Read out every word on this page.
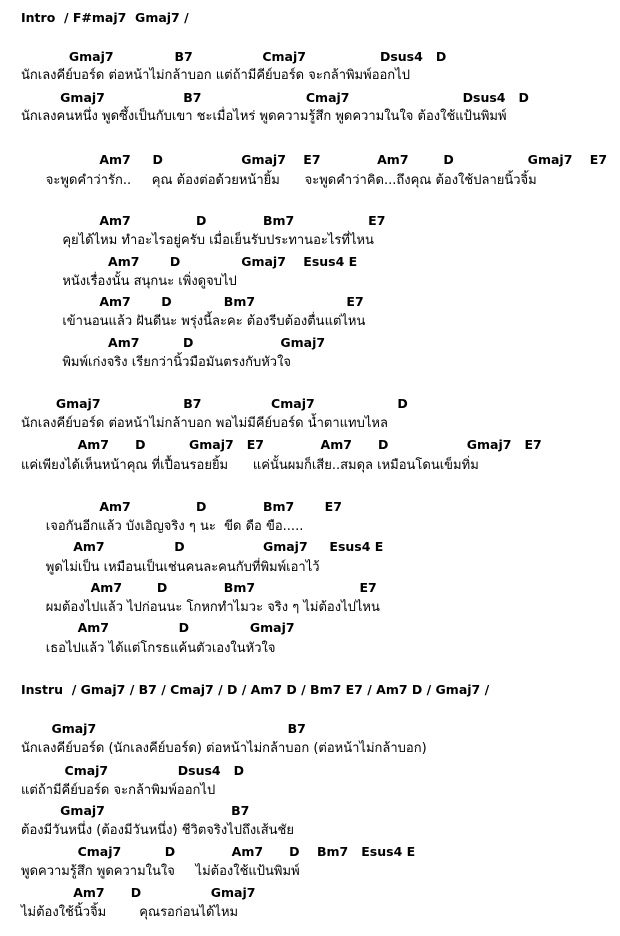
Intro  / F#maj7  Gmaj7 /
Gmaj7              B7                Cmaj7                 Dsus4   D
นักเลงคีย์บอร์ด ต่อหน้าไม่กล้าบอก แต่ถ้ามีคีย์บอร์ด จะกล้าพิมพ์ออกไป
Gmaj7                  B7                        Cmaj7                          Dsus4   D
นักเลงคนหนึ่ง พูดซึ้งเป็นกับเขา ชะเมื่อไหร่ พูดความรู้สึก พูดความในใจ ต้องใช้แป้นพิมพ์
Am7     D                  Gmaj7    E7             Am7        D                 Gmaj7    E7
จะพูดคำว่ารัก..     คุณ ต้องต่อด้วยหน้ายิ้ม      จะพูดคำว่าคิด...ถึงคุณ ต้องใช้ปลายนิ้วจิ้ม
Am7               D             Bm7                 E7
คุยได้ไหม ทำอะไรอยู่ครับ เมื่อเย็นรับประทานอะไรที่ไหน
Am7       D              Gmaj7    Esus4 E
หนังเรื่องนั้น สนุกนะ เพิ่งดูจบไป
Am7       D            Bm7                     E7
เข้านอนแล้ว ฝันดีนะ พรุ่งนี้ละคะ ต้องรีบต้องตื่นแต่ไหน
Am7          D                    Gmaj7
พิมพ์เก่งจริง เรียกว่านิ้วมือมันตรงกับหัวใจ
Gmaj7                   B7                Cmaj7                   D
นักเลงคีย์บอร์ด ต่อหน้าไม่กล้าบอก พอไม่มีคีย์บอร์ด น้ำตาแทบไหล
Am7      D          Gmaj7   E7             Am7      D                  Gmaj7   E7
แค่เพียงได้เห็นหน้าคุณ ที่เปื้อนรอยยิ้ม      แค่นั้นผมก็เสีย..สมดุล เหมือนโดนเข็มทิ่ม
Am7               D             Bm7       E7
เจอกันอีกแล้ว บังเอิญจริง ๆ นะ  ขีด ดือ ขือ.....
Am7                D                  Gmaj7     Esus4 E
พูดไม่เป็น เหมือนเป็นเช่นคนละคนกับที่พิมพ์เอาไว้
Am7        D             Bm7                        E7
ผมต้องไปแล้ว ไปก่อนนะ โกหกทำไมวะ จริง ๆ ไม่ต้องไปไหน
Am7                D              Gmaj7
เธอไปแล้ว ได้แต่โกรธแค้นตัวเองในหัวใจ
Instru  / Gmaj7 / B7 / Cmaj7 / D / Am7 D / Bm7 E7 / Am7 D / Gmaj7 /
Gmaj7                                            B7
นักเลงคีย์บอร์ด (นักเลงคีย์บอร์ด) ต่อหน้าไม่กล้าบอก (ต่อหน้าไม่กล้าบอก)
Cmaj7                Dsus4   D
แต่ถ้ามีคีย์บอร์ด จะกล้าพิมพ์ออกไป
Gmaj7                             B7
ต้องมีวันหนึ่ง (ต้องมีวันหนึ่ง) ชีวิตจริงไปถึงเส้นชัย
Cmaj7          D             Am7      D    Bm7   Esus4 E
พูดความรู้สึก พูดความในใจ     ไม่ต้องใช้แป้นพิมพ์
Am7      D                Gmaj7
ไม่ต้องใช้นิ้วจิ้ม        คุณรอก่อนได้ไหม
